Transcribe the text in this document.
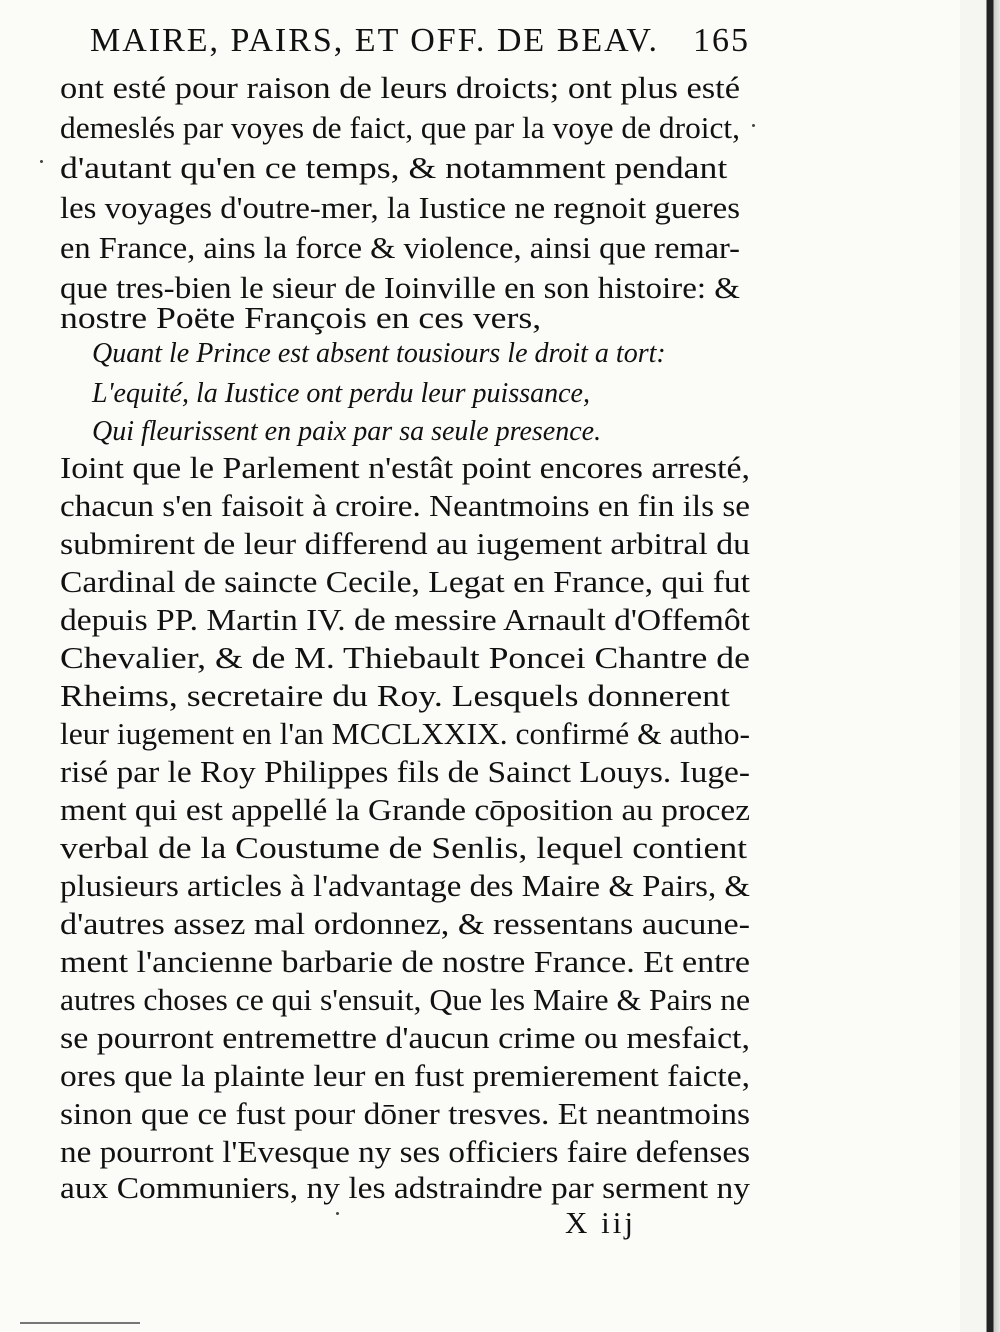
MAIRE, PAIRS, ET OFF. DE BEAV. 165
ont esté pour raison de leurs droicts; ont plus esté
demeslés par voyes de faict, que par la voye de droict,
d'autant qu'en ce temps, & notamment pendant
les voyages d'outre-mer, la Iustice ne regnoit gueres
en France, ains la force & violence, ainsi que remar-
que tres-bien le sieur de Ioinville en son histoire: &
nostre Poëte François en ces vers,
Quant le Prince est absent tousiours le droit a tort:
L'equité, la Iustice ont perdu leur puissance,
Qui fleurissent en paix par sa seule presence.
Ioint que le Parlement n'estât point encores arresté,
chacun s'en faisoit à croire. Neantmoins en fin ils se
submirent de leur differend au iugement arbitral du
Cardinal de saincte Cecile, Legat en France, qui fut
depuis PP. Martin IV. de messire Arnault d'Offemôt
Chevalier, & de M. Thiebault Poncei Chantre de
Rheims, secretaire du Roy. Lesquels donnerent
leur iugement en l'an MCCLXXIX. confirmé & autho-
risé par le Roy Philippes fils de Sainct Louys. Iuge-
ment qui est appellé la Grande cōposition au procez
verbal de la Coustume de Senlis, lequel contient
plusieurs articles à l'advantage des Maire & Pairs, &
d'autres assez mal ordonnez, & ressentans aucune-
ment l'ancienne barbarie de nostre France. Et entre
autres choses ce qui s'ensuit, Que les Maire & Pairs ne
se pourront entremettre d'aucun crime ou mesfaict,
ores que la plainte leur en fust premierement faicte,
sinon que ce fust pour dōner tresves. Et neantmoins
ne pourront l'Evesque ny ses officiers faire defenses
aux Communiers, ny les adstraindre par serment ny
X iij
